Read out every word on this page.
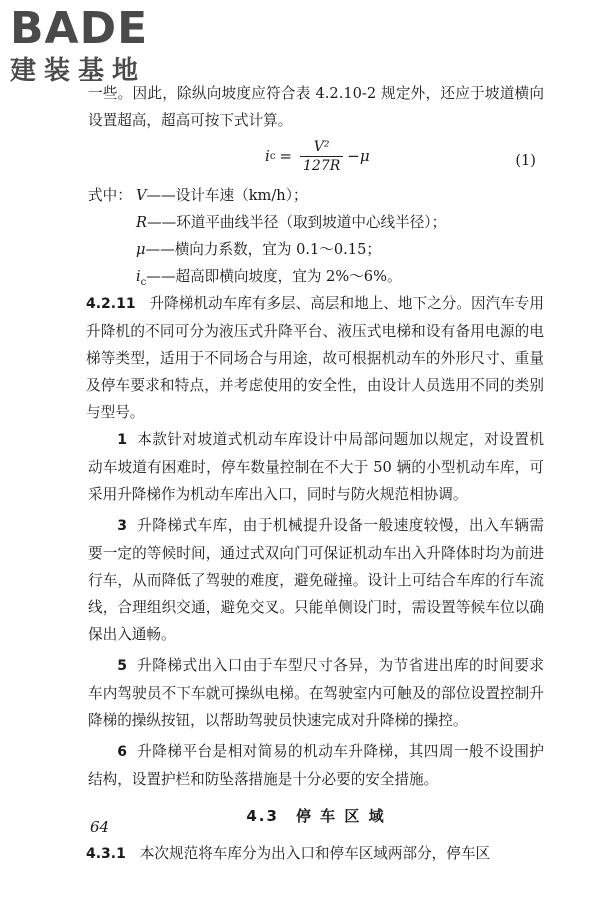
BADE
建装基地

一些。因此，除纵向坡度应符合表 4.2.10-2 规定外，还应于坡道横向设置超高，超高可按下式计算。

i $c = \frac{\text{V²}}{127R} -\mu$	(1)
式中： V——设计车速（km/h）；
R——环道平曲线半径（取到坡道中心线半径）；
μ——横向力系数，宜为 0.1～0.15；
$i_c——$超高即横向坡度，宜为 2%～6%。

4.2.11 升降梯机动车库有多层、高层和地上、地下之分。因汽车专用升降机的不同可分为液压式升降平台、液压式电梯和设有备用电源的电梯等类型，适用于不同场合与用途，故可根据机动车的外形尺寸、重量及停车要求和特点，并考虑使用的安全性，由设计人员选用不同的类别与型号。

1 本款针对坡道式机动车库设计中局部问题加以规定，对设置机动车坡道有困难时，停车数量控制在不大于 50 辆的小型机动车库，可采用升降梯作为机动车库出入口，同时与防火规范相协调。

3 升降梯式车库，由于机械提升设备一般速度较慢，出入车辆需要一定的等候时间，通过式双向门可保证机动车出入升降体时均为前进行车，从而降低了驾驶的难度，避免碰撞。设计上可结合车库的行车流线，合理组织交通，避免交叉。只能单侧设门时，需设置等候车位以确保出入通畅。

5 升降梯式出入口由于车型尺寸各异，为节省进出库的时间要求车内驾驶员不下车就可操纵电梯。在驾驶室内可触及的部位设置控制升降梯的操纵按钮，以帮助驾驶员快速完成对升降梯的操控。

6 升降梯平台是相对简易的机动车升降梯，其四周一般不设围护结构，设置护栏和防坠落措施是十分必要的安全措施。

4.3　停 车 区 域

4.3.1 本次规范将车库分为出入口和停车区域两部分，停车区

64
